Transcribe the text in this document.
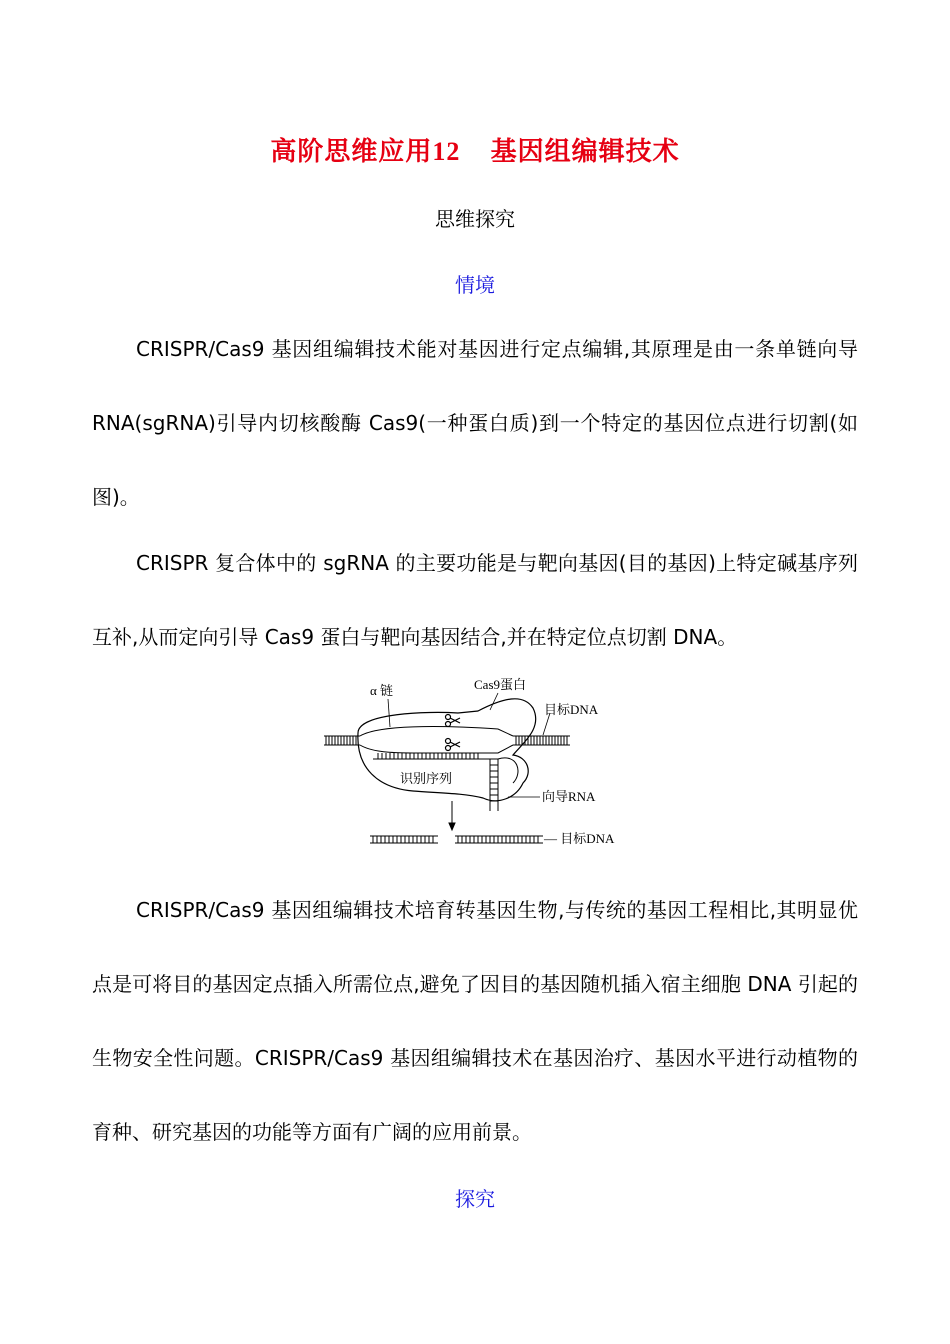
高阶思维应用12 基因组编辑技术
思维探究
情境

CRISPR/Cas9 基因组编辑技术能对基因进行定点编辑,其原理是由一条单链向导 RNA(sgRNA)引导内切核酸酶 Cas9(一种蛋白质)到一个特定的基因位点进行切割(如图)。

CRISPR 复合体中的 sgRNA 的主要功能是与靶向基因(目的基因)上特定碱基序列互补,从而定向引导 Cas9 蛋白与靶向基因结合,并在特定位点切割 DNA。

α 链	Cas9蛋白
目标DNA
识别序列
向导RNA
— 目标DNA

CRISPR/Cas9 基因组编辑技术培育转基因生物,与传统的基因工程相比,其明显优点是可将目的基因定点插入所需位点,避免了因目的基因随机插入宿主细胞 DNA 引起的生物安全性问题。CRISPR/Cas9 基因组编辑技术在基因治疗、基因水平进行动植物的育种、研究基因的功能等方面有广阔的应用前景。

探究
